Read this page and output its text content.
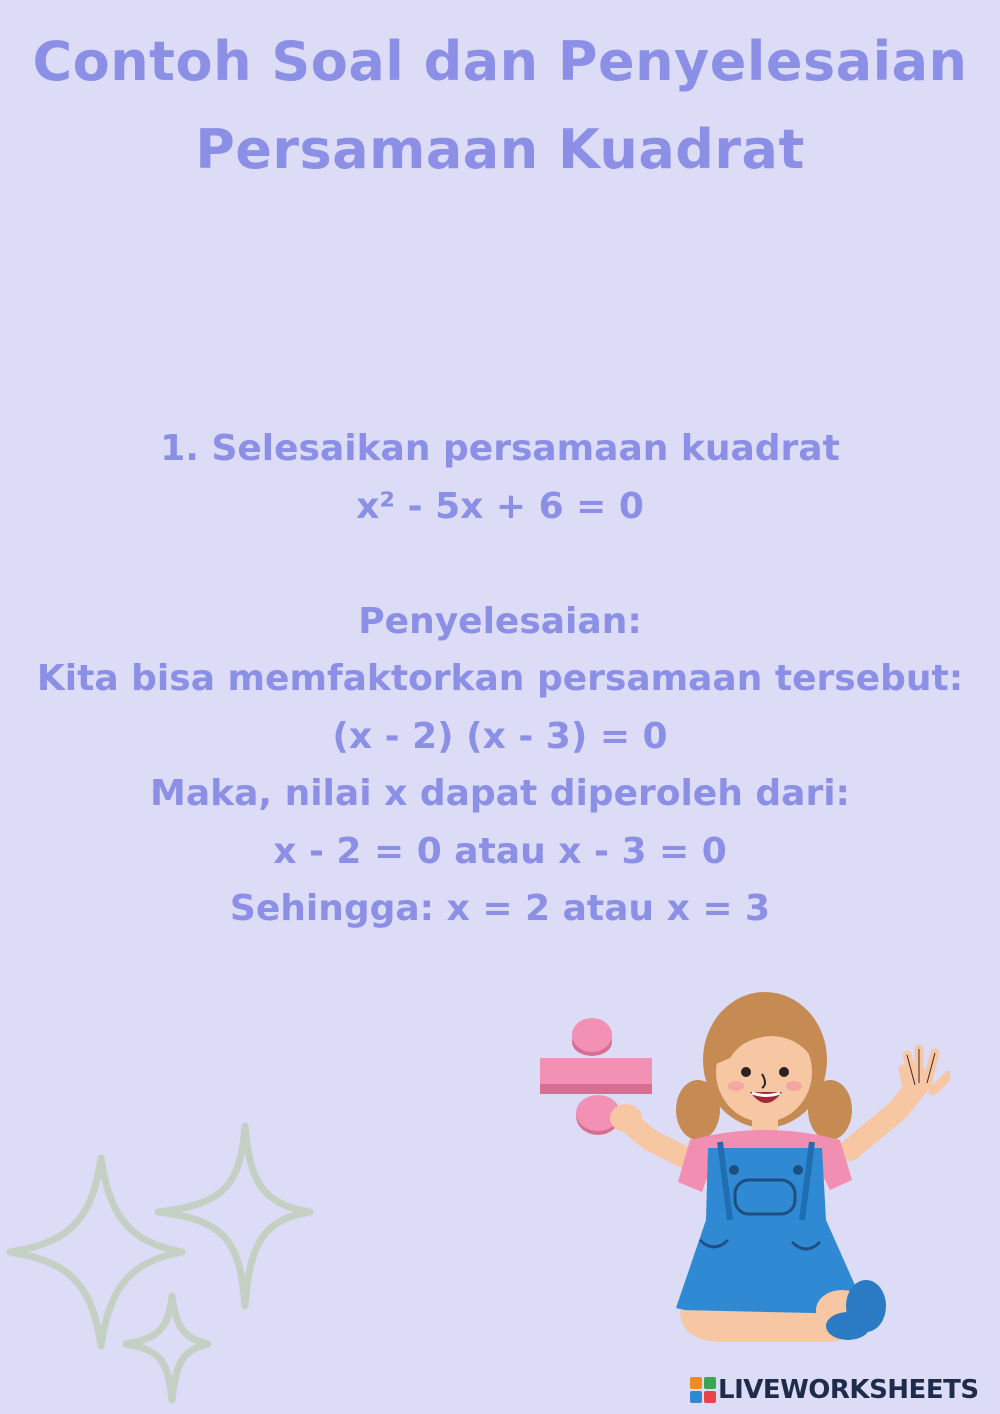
Contoh Soal dan Penyelesaian
Persamaan Kuadrat
1. Selesaikan persamaan kuadrat
x² - 5x + 6 = 0
Penyelesaian:
Kita bisa memfaktorkan persamaan tersebut:
(x - 2) (x - 3) = 0
Maka, nilai x dapat diperoleh dari:
x - 2 = 0 atau x - 3 = 0
Sehingga: x = 2 atau x = 3
LIVEWORKSHEETS
